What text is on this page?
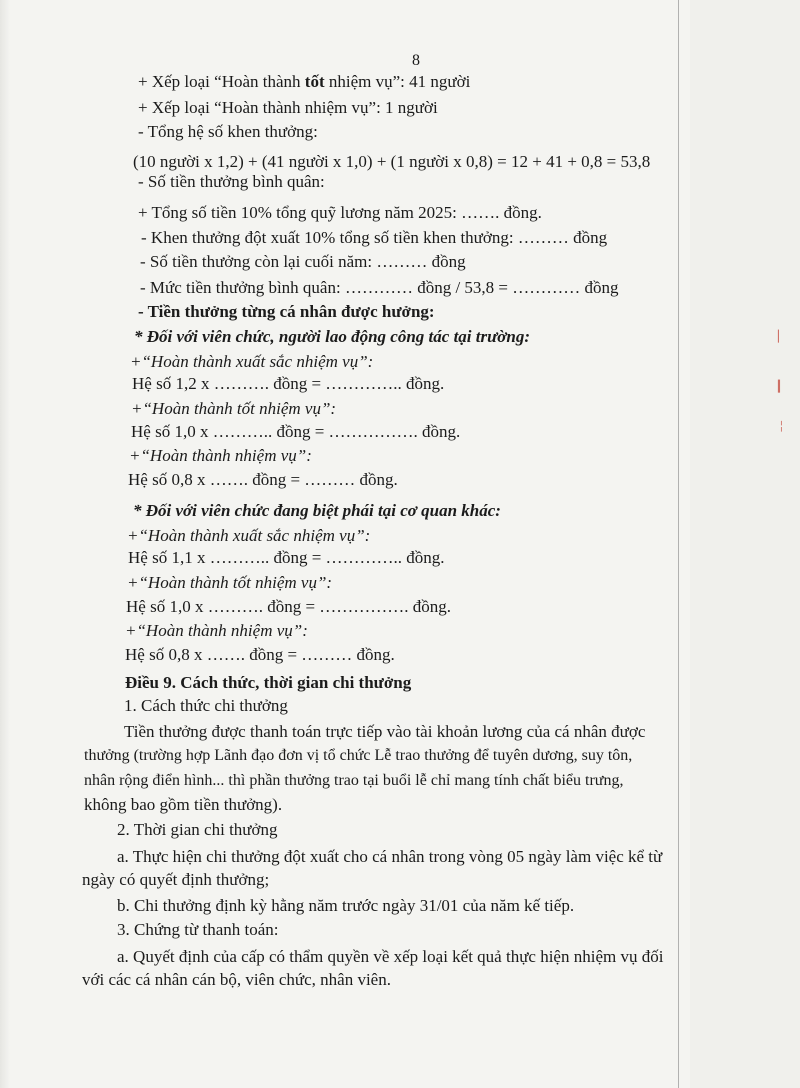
▏
▎
╎
8
+ Xếp loại “Hoàn thành tốt nhiệm vụ”: 41 người
+ Xếp loại “Hoàn thành nhiệm vụ”: 1 người
- Tổng hệ số khen thưởng:
(10 người x 1,2) + (41 người x 1,0) + (1 người x 0,8) = 12 + 41 + 0,8 = 53,8
- Số tiền thưởng bình quân:
+ Tổng số tiền 10% tổng quỹ lương năm 2025: ……. đồng.
- Khen thưởng đột xuất 10% tổng số tiền khen thưởng: ……… đồng
- Số tiền thưởng còn lại cuối năm: ……… đồng
- Mức tiền thưởng bình quân: ………… đồng / 53,8 = ………… đồng
- Tiền thưởng từng cá nhân được hưởng:
* Đối với viên chức, người lao động công tác tại trường:
+“Hoàn thành xuất sắc nhiệm vụ”:
Hệ số 1,2 x ………. đồng = ………….. đồng.
+“Hoàn thành tốt nhiệm vụ”:
Hệ số 1,0 x ……….. đồng = ……………. đồng.
+“Hoàn thành nhiệm vụ”:
Hệ số 0,8 x ……. đồng = ……… đồng.
* Đối với viên chức đang biệt phái tại cơ quan khác:
+“Hoàn thành xuất sắc nhiệm vụ”:
Hệ số 1,1 x ……….. đồng = ………….. đồng.
+“Hoàn thành tốt nhiệm vụ”:
Hệ số 1,0 x ………. đồng = ……………. đồng.
+“Hoàn thành nhiệm vụ”:
Hệ số 0,8 x ……. đồng = ……… đồng.
Điều 9. Cách thức, thời gian chi thưởng
1. Cách thức chi thưởng
Tiền thưởng được thanh toán trực tiếp vào tài khoản lương của cá nhân được
thưởng (trường hợp Lãnh đạo đơn vị tổ chức Lễ trao thưởng để tuyên dương, suy tôn,
nhân rộng điển hình... thì phần thưởng trao tại buổi lễ chỉ mang tính chất biểu trưng,
không bao gồm tiền thưởng).
2. Thời gian chi thưởng
a. Thực hiện chi thưởng đột xuất cho cá nhân trong vòng 05 ngày làm việc kể từ
ngày có quyết định thưởng;
b. Chi thưởng định kỳ hằng năm trước ngày 31/01 của năm kế tiếp.
3. Chứng từ thanh toán:
a. Quyết định của cấp có thẩm quyền về xếp loại kết quả thực hiện nhiệm vụ đối
với các cá nhân cán bộ, viên chức, nhân viên.
